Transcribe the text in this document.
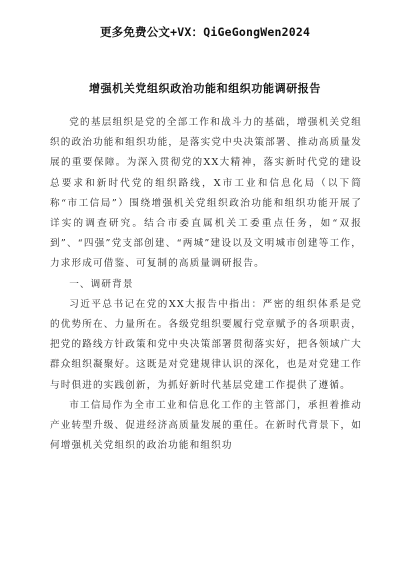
更多免费公文+VX：QiGeGongWen2024
增强机关党组织政治功能和组织功能调研报告

党的基层组织是党的全部工作和战斗力的基础，增强机关党组织的政治功能和组织功能，是落实党中央决策部署、推动高质量发展的重要保障。为深入贯彻党的XX大精神，落实新时代党的建设总要求和新时代党的组织路线，X市工业和信息化局（以下简称“市工信局”）围绕增强机关党组织政治功能和组织功能开展了详实的调查研究。结合市委直属机关工委重点任务，如“双报到”、“四强”党支部创建、“两城”建设以及文明城市创建等工作，力求形成可借鉴、可复制的高质量调研报告。

一、调研背景

习近平总书记在党的XX大报告中指出：严密的组织体系是党的优势所在、力量所在。各级党组织要履行党章赋予的各项职责，把党的路线方针政策和党中央决策部署贯彻落实好，把各领域广大群众组织凝聚好。这既是对党建规律认识的深化，也是对党建工作与时俱进的实践创新，为抓好新时代基层党建工作提供了遵循。

市工信局作为全市工业和信息化工作的主管部门，承担着推动产业转型升级、促进经济高质量发展的重任。在新时代背景下，如何增强机关党组织的政治功能和组织功
